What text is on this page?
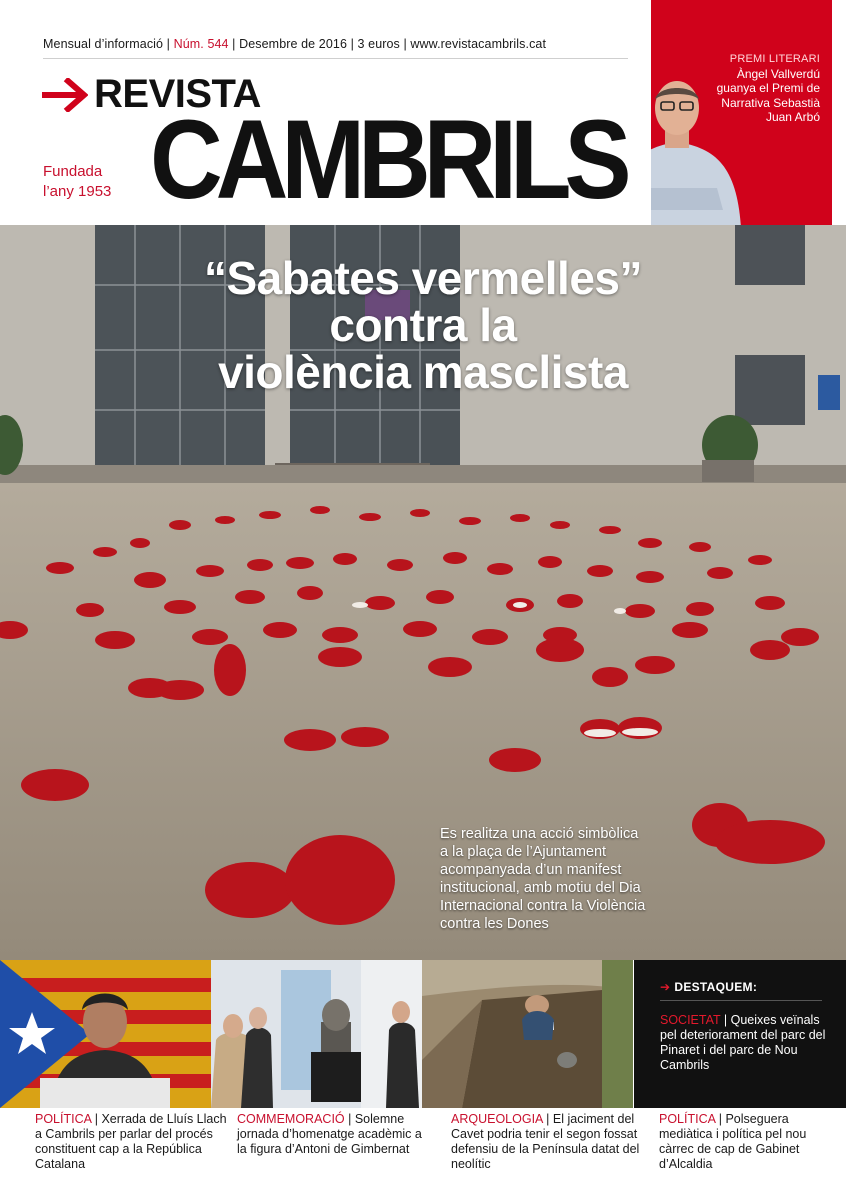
Mensual d’informació | Núm. 544 | Desembre de 2016 | 3 euros | www.revistacambrils.cat
REVISTA
CAMBRILS
Fundada
l’any 1953
PREMI LITERARI
Àngel Vallverdú guanya el Premi de Narrativa Sebastià Juan Arbó
“Sabates vermelles”
contra la
violència masclista
Es realitza una acció simbòlica a la plaça de l’Ajuntament acompanyada d’un manifest institucional, amb motiu del Dia Internacional contra la Violència contra les Dones
➔ DESTAQUEM:
SOCIETAT | Queixes veïnals pel deteriorament del parc del Pinaret i del parc de Nou Cambrils
POLÍTICA | Xerrada de Lluís Llach a Cambrils per parlar del procés constituent cap a la República Catalana
COMMEMORACIÓ | Solemne jornada d’homenatge acadèmic a la figura d’Antoni de Gimbernat
ARQUEOLOGIA | El jaciment del Cavet podria tenir el segon fossat defensiu de la Península datat del neolític
POLÍTICA | Polseguera mediàtica i política pel nou càrrec de cap de Gabinet d’Alcaldia
